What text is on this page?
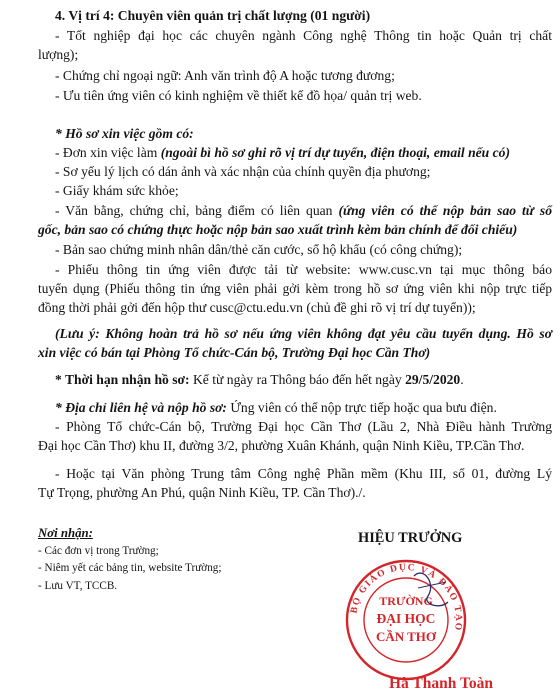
4. Vị trí 4: Chuyên viên quản trị chất lượng (01 người)
- Tốt nghiệp đại học các chuyên ngành Công nghệ Thông tin hoặc Quản trị chất
lượng);
- Chứng chỉ ngoại ngữ: Anh văn trình độ A hoặc tương đương;
- Ưu tiên ứng viên có kinh nghiệm về thiết kế đồ họa/ quản trị web.
* Hồ sơ xin việc gồm có:
- Đơn xin việc làm (ngoài bì hồ sơ ghi rõ vị trí dự tuyển, điện thoại, email nếu có)
- Sơ yếu lý lịch có dán ảnh và xác nhận của chính quyền địa phương;
- Giấy khám sức khỏe;
- Văn bằng, chứng chỉ, bảng điểm có liên quan (ứng viên có thể nộp bản sao từ sổ
gốc, bản sao có chứng thực hoặc nộp bản sao xuất trình kèm bản chính để đối chiếu)
- Bản sao chứng minh nhân dân/thẻ căn cước, sổ hộ khẩu (có công chứng);
- Phiếu thông tin ứng viên được tải từ website: www.cusc.vn tại mục thông báo
tuyển dụng (Phiếu thông tin ứng viên phải gởi kèm trong hồ sơ ứng viên khi nộp trực tiếp
đồng thời phải gởi đến hộp thư cusc@ctu.edu.vn (chủ đề ghi rõ vị trí dự tuyển));
(Lưu ý: Không hoàn trả hồ sơ nếu ứng viên không đạt yêu cầu tuyển dụng. Hồ sơ
xin việc có bán tại Phòng Tổ chức-Cán bộ, Trường Đại học Cần Thơ)
* Thời hạn nhận hồ sơ: Kể từ ngày ra Thông báo đến hết ngày 29/5/2020.
* Địa chỉ liên hệ và nộp hồ sơ: Ứng viên có thể nộp trực tiếp hoặc qua bưu điện.
- Phòng Tổ chức-Cán bộ, Trường Đại học Cần Thơ (Lầu 2, Nhà Điều hành Trường
Đại học Cần Thơ) khu II, đường 3/2, phường Xuân Khánh, quận Ninh Kiều, TP.Cần Thơ.
- Hoặc tại Văn phòng Trung tâm Công nghệ Phần mềm (Khu III, số 01, đường Lý
Tự Trọng, phường An Phú, quận Ninh Kiều, TP. Cần Thơ)./.
Nơi nhận:
- Các đơn vị trong Trường;
- Niêm yết các bảng tin, website Trường;
- Lưu VT, TCCB.
HIỆU TRƯỞNG
BỘ GIÁO DỤC VÀ ĐÀO TẠO
TRƯỜNG
ĐẠI HỌC
CẦN THƠ
Hà Thanh Toàn
